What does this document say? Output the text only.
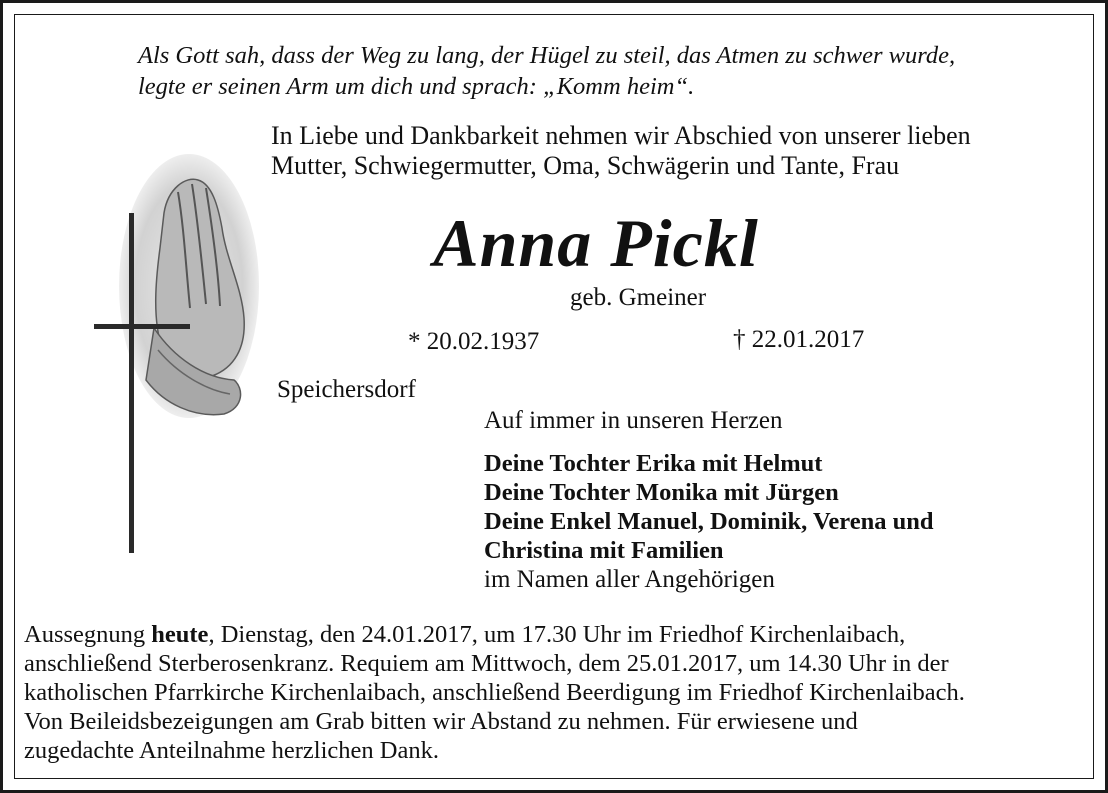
Als Gott sah, dass der Weg zu lang, der Hügel zu steil, das Atmen zu schwer wurde,
legte er seinen Arm um dich und sprach: „Komm heim“.
In Liebe und Dankbarkeit nehmen wir Abschied von unserer lieben
Mutter, Schwiegermutter, Oma, Schwägerin und Tante, Frau
Anna Pickl
geb. Gmeiner
* 20.02.1937	† 22.01.2017
Speichersdorf
Auf immer in unseren Herzen
Deine Tochter Erika mit Helmut
Deine Tochter Monika mit Jürgen
Deine Enkel Manuel, Dominik, Verena und
Christina mit Familien
im Namen aller Angehörigen
Aussegnung heute, Dienstag, den 24.01.2017, um 17.30 Uhr im Friedhof Kirchenlaibach,
anschließend Sterberosenkranz. Requiem am Mittwoch, dem 25.01.2017, um 14.30 Uhr in der
katholischen Pfarrkirche Kirchenlaibach, anschließend Beerdigung im Friedhof Kirchenlaibach.
Von Beileidsbezeigungen am Grab bitten wir Abstand zu nehmen. Für erwiesene und
zugedachte Anteilnahme herzlichen Dank.
